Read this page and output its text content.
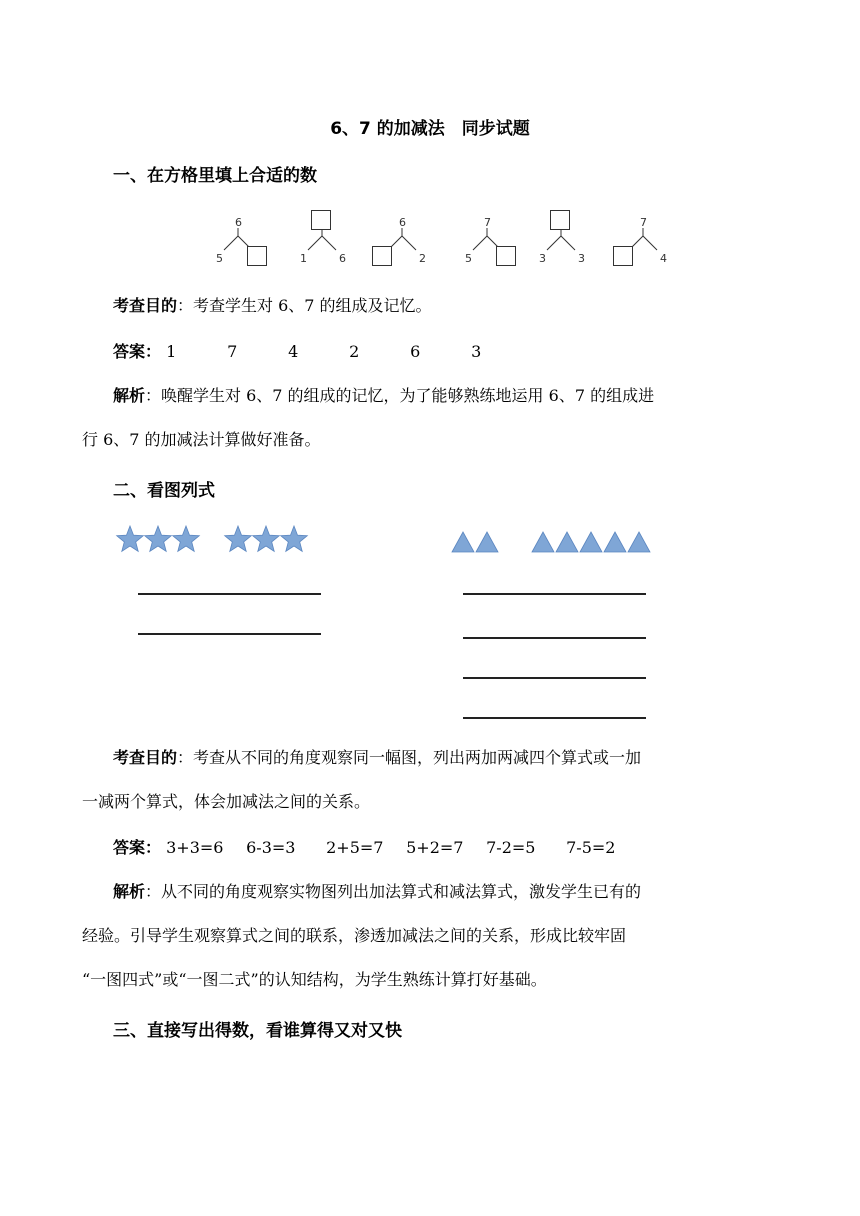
6、7 的加减法　同步试题
一、在方格里填上合适的数
6
5	1	6
6
2
7
5	3	3
7
4
考查目的：考查学生对 6、7 的组成及记忆。
答案： 1	7	4	2	6	3
解析：唤醒学生对 6、7 的组成的记忆，为了能够熟练地运用 6、7 的组成进
行 6、7 的加减法计算做好准备。
二、看图列式
考查目的：考查从不同的角度观察同一幅图，列出两加两减四个算式或一加
一减两个算式，体会加减法之间的关系。
答案： 3+3=6 6-3=3 2+5=7 5+2=7 7-2=5 7-5=2
解析：从不同的角度观察实物图列出加法算式和减法算式，激发学生已有的
经验。引导学生观察算式之间的联系，渗透加减法之间的关系，形成比较牢固
“一图四式”或“一图二式”的认知结构，为学生熟练计算打好基础。
三、直接写出得数，看谁算得又对又快
